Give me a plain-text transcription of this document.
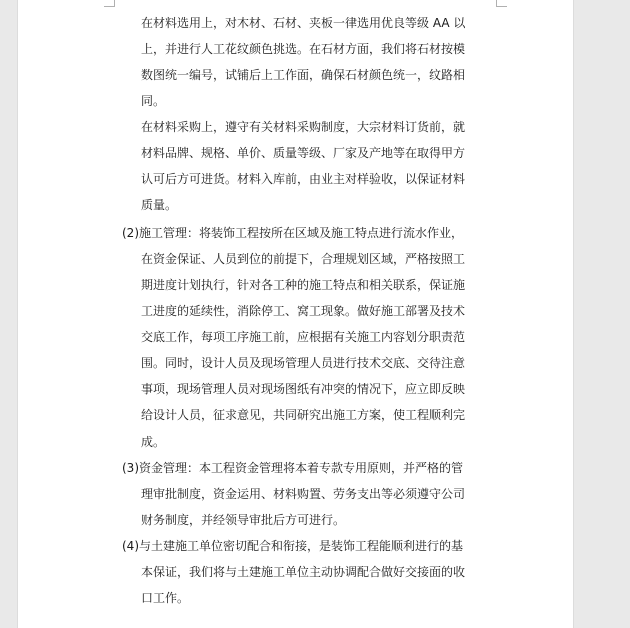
在材料选用上，对木材、石材、夹板一律选用优良等级 AA 以
上，并进行人工花纹颜色挑选。在石材方面，我们将石材按模
数图统一编号，试铺后上工作面，确保石材颜色统一，纹路相
同。
在材料采购上，遵守有关材料采购制度，大宗材料订货前，就
材料品牌、规格、单价、质量等级、厂家及产地等在取得甲方
认可后方可进货。材料入库前，由业主对样验收，以保证材料
质量。
(2)施工管理：将装饰工程按所在区域及施工特点进行流水作业，
在资金保证、人员到位的前提下，合理规划区域，严格按照工
期进度计划执行，针对各工种的施工特点和相关联系，保证施
工进度的延续性，消除停工、窝工现象。做好施工部署及技术
交底工作，每项工序施工前，应根据有关施工内容划分职责范
围。同时，设计人员及现场管理人员进行技术交底、交待注意
事项，现场管理人员对现场图纸有冲突的情况下，应立即反映
给设计人员，征求意见，共同研究出施工方案，使工程顺利完
成。
(3)资金管理：本工程资金管理将本着专款专用原则，并严格的管
理审批制度，资金运用、材料购置、劳务支出等必须遵守公司
财务制度，并经领导审批后方可进行。
(4)与土建施工单位密切配合和衔接，是装饰工程能顺利进行的基
本保证，我们将与土建施工单位主动协调配合做好交接面的收
口工作。
